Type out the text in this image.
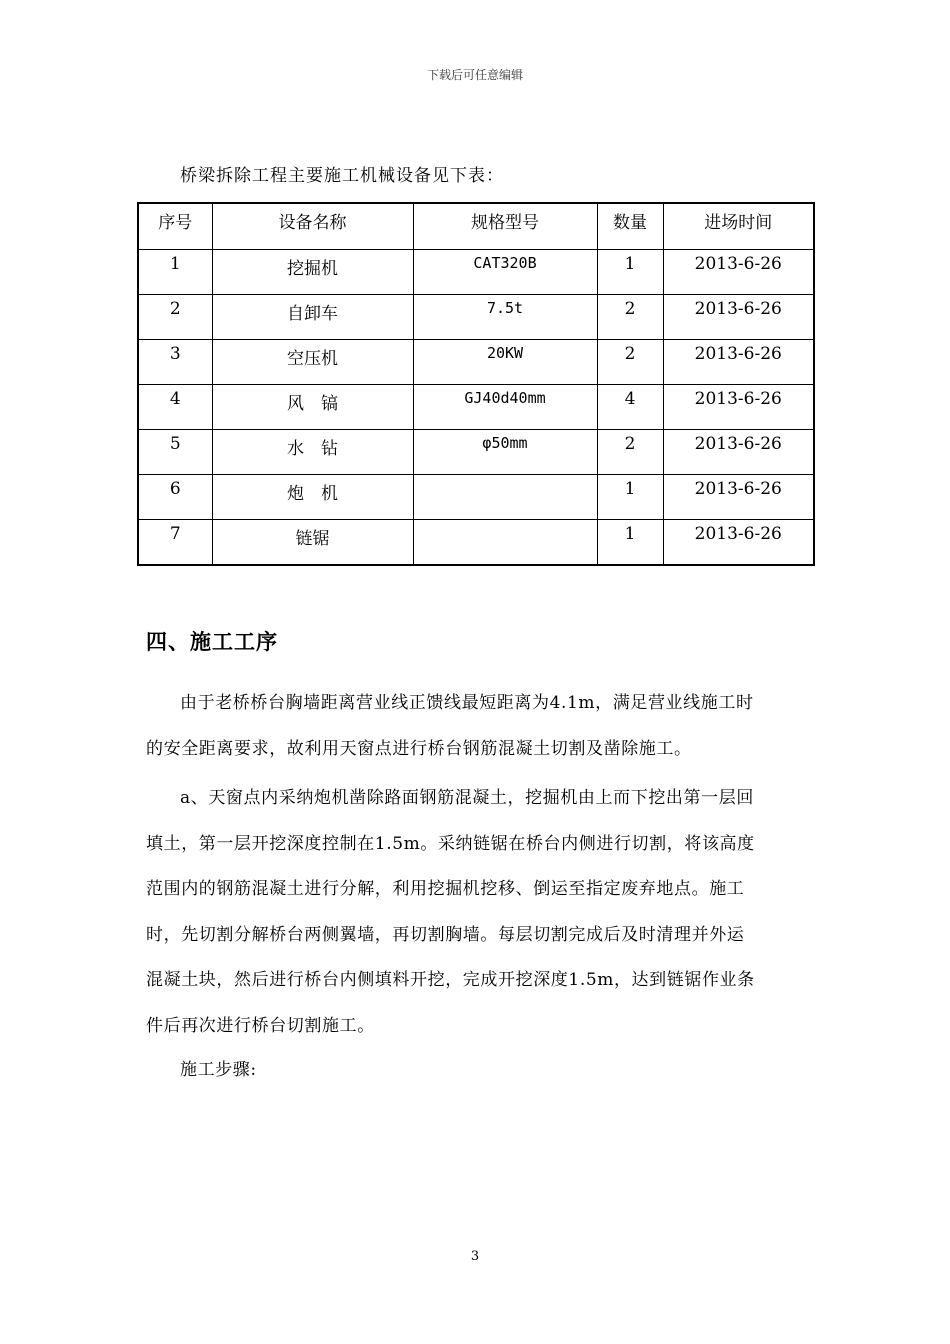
下载后可任意编辑
桥梁拆除工程主要施工机械设备见下表：
序号	设备名称	规格型号	数量	进场时间
1	挖掘机	CAT320B	1	2013-6-26
2	自卸车	7.5t	2	2013-6-26
3	空压机	20KW	2	2013-6-26
4	风　镐	GJ40d40mm	4	2013-6-26
5	水　钻	φ50mm	2	2013-6-26
6	炮　机		1	2013-6-26
7	链锯		1	2013-6-26
四、施工工序
由于老桥桥台胸墙距离营业线正馈线最短距离为4.1m，满足营业线施工时
的安全距离要求，故利用天窗点进行桥台钢筋混凝土切割及凿除施工。
a、天窗点内采纳炮机凿除路面钢筋混凝土，挖掘机由上而下挖出第一层回
填土，第一层开挖深度控制在1.5m。采纳链锯在桥台内侧进行切割，将该高度
范围内的钢筋混凝土进行分解，利用挖掘机挖移、倒运至指定废弃地点。施工
时，先切割分解桥台两侧翼墙，再切割胸墙。每层切割完成后及时清理并外运
混凝土块，然后进行桥台内侧填料开挖，完成开挖深度1.5m，达到链锯作业条
件后再次进行桥台切割施工。
施工步骤:
3
